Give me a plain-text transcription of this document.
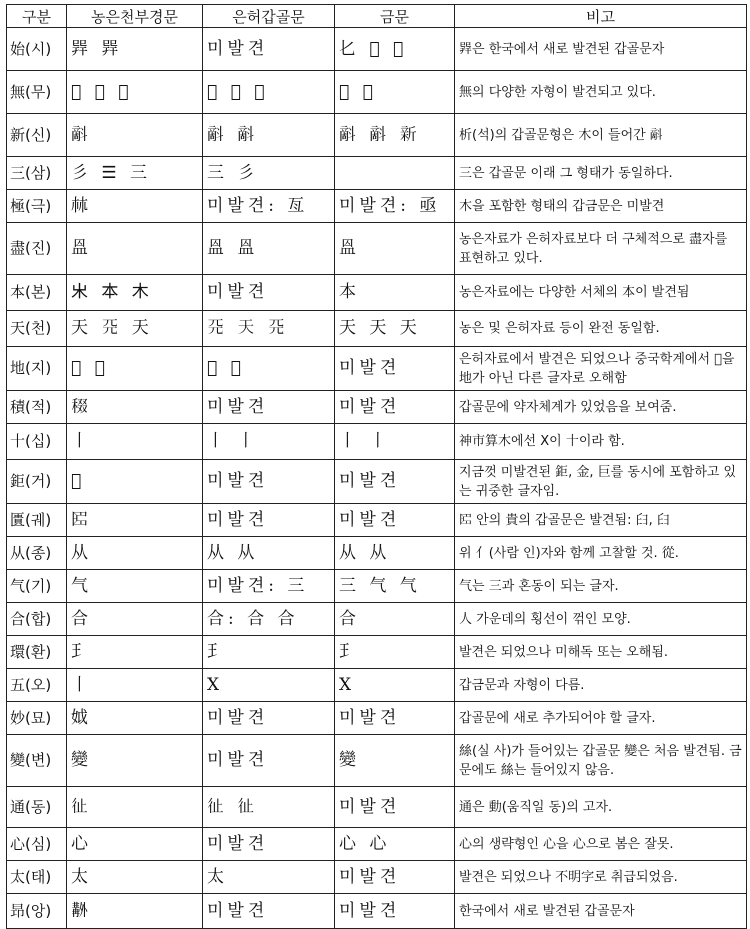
구분	농은천부경문	은허갑골문	금문	비고
始(시)	𢁅 𢁅	미발견	𠤎 𢑚 𢆉	𢁅은 한국에서 새로 발견된 갑골문자
無(무)	𣞤 𣞤 𣞤	𣞤 𣞤 𣞤	𣞤 𣞤	無의 다양한 자형이 발견되고 있다.
新(신)	𣂉	𣂉 𣂉	𣂉 𣂉 新	析(석)의 갑골문형은 木이 들어간 𣂉
三(삼)	彡 ☰ 三	三 彡		三은 갑골문 이래 그 형태가 동일하다.
極(극)	𣏟	미발견: 亙	미발견: 亟	木을 포함한 형태의 갑금문은 미발견
盡(진)	𥁕	𥁕 𥁕	𥁕	농은자료가 은허자료보다 더 구체적으로 盡자를 표현하고 있다.
本(본)	𣎵 本 木	미발견	本	농은자료에는 다양한 서체의 本이 발견됨
天(천)	天 𠀘 天	𠀘 天 𠀘	天 天 天	농은 및 은허자료 등이 완전 동일함.
地(지)	𡉉 𡉉	𡉉 𡉉	미발견	은허자료에서 발견은 되었으나 중국학계에서 𡉉을 地가 아닌 다른 글자로 오해함
積(적)	𥟒	미발견	미발견	갑골문에 약자체계가 있었음을 보여줌.
十(십)	丨	丨 丨	丨 丨	神市算木에선 X이 十이라 함.
鉅(거)	𨥶	미발견	미발견	지금껏 미발견된 鉅, 金, 巨를 동시에 포함하고 있는 귀중한 글자임.
匱(궤)	𠥓	미발견	미발견	𠥓 안의 貴의 갑골문은 발견됨: 𦥑, 𦥑
从(종)	从	从 从	从 从	위 亻(사람 인)자와 함께 고찰할 것. 從.
气(기)	气	미발견: 三	三 气 气	气는 三과 혼동이 되는 글자.
合(합)	合	合: 合 合	合	人 가운데의 횡선이 꺾인 모양.
環(환)	𤣩	𤣩	𤣩	발견은 되었으나 미해독 또는 오해됨.
五(오)	丨	X	X	갑금문과 자형이 다름.
妙(묘)	𡛟	미발견	미발견	갑골문에 새로 추가되어야 할 글자.
變(변)	變	미발견	變	絲(실 사)가 들어있는 갑골문 變은 처음 발견됨. 금문에도 絲는 들어있지 않음.
通(동)	𢓊	𢓊 𢓊	미발견	通은 動(움직일 동)의 고자.
心(심)	心	미발견	心 心	心의 생략형인 心을 心으로 봄은 잘못.
太(태)	太	太	미발견	발견은 되었으나 不明字로 취급되었음.
昻(앙)	𠨊	미발견	미발견	한국에서 새로 발견된 갑골문자
